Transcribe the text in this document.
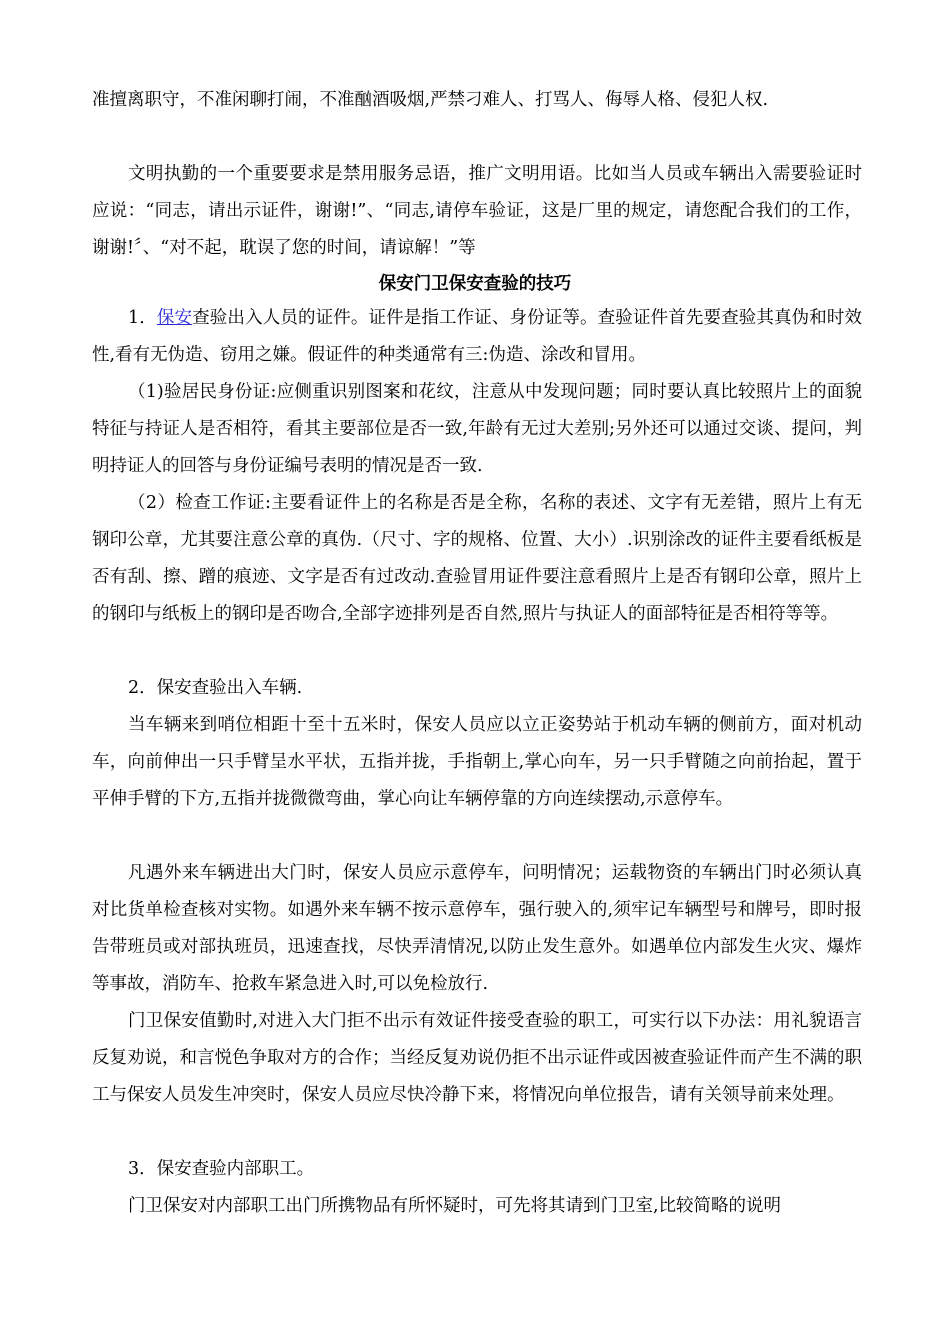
准擅离职守，不准闲聊打闹，不准酗酒吸烟,严禁刁难人、打骂人、侮辱人格、侵犯人权.

文明执勤的一个重要要求是禁用服务忌语，推广文明用语。比如当人员或车辆出入需要验证时应说：“同志，请出示证件，谢谢!”、“同志,请停车验证，这是厂里的规定，请您配合我们的工作，谢谢!〞、“对不起，耽误了您的时间，请谅解！”等

保安门卫保安查验的技巧

1．保安查验出入人员的证件。证件是指工作证、身份证等。查验证件首先要查验其真伪和时效性,看有无伪造、窃用之嫌。假证件的种类通常有三:伪造、涂改和冒用。

（1)验居民身份证:应侧重识别图案和花纹，注意从中发现问题；同时要认真比较照片上的面貌特征与持证人是否相符，看其主要部位是否一致,年龄有无过大差别;另外还可以通过交谈、提问，判明持证人的回答与身份证编号表明的情况是否一致.

（2）检查工作证:主要看证件上的名称是否是全称，名称的表述、文字有无差错，照片上有无钢印公章，尤其要注意公章的真伪.（尺寸、字的规格、位置、大小）.识别涂改的证件主要看纸板是否有刮、擦、蹭的痕迹、文字是否有过改动.查验冒用证件要注意看照片上是否有钢印公章，照片上的钢印与纸板上的钢印是否吻合,全部字迹排列是否自然,照片与执证人的面部特征是否相符等等。

2．保安查验出入车辆.

当车辆来到哨位相距十至十五米时，保安人员应以立正姿势站于机动车辆的侧前方，面对机动车，向前伸出一只手臂呈水平状，五指并拢，手指朝上,掌心向车，另一只手臂随之向前抬起，置于平伸手臂的下方,五指并拢微微弯曲，掌心向让车辆停靠的方向连续摆动,示意停车。

凡遇外来车辆进出大门时，保安人员应示意停车，问明情况；运载物资的车辆出门时必须认真对比货单检查核对实物。如遇外来车辆不按示意停车，强行驶入的,须牢记车辆型号和牌号，即时报告带班员或对部执班员，迅速查找，尽快弄清情况,以防止发生意外。如遇单位内部发生火灾、爆炸等事故，消防车、抢救车紧急进入时,可以免检放行.

门卫保安值勤时,对进入大门拒不出示有效证件接受查验的职工，可实行以下办法：用礼貌语言反复劝说，和言悦色争取对方的合作；当经反复劝说仍拒不出示证件或因被查验证件而产生不满的职工与保安人员发生冲突时，保安人员应尽快冷静下来，将情况向单位报告，请有关领导前来处理。

3．保安查验内部职工。

门卫保安对内部职工出门所携物品有所怀疑时，可先将其请到门卫室,比较简略的说明
